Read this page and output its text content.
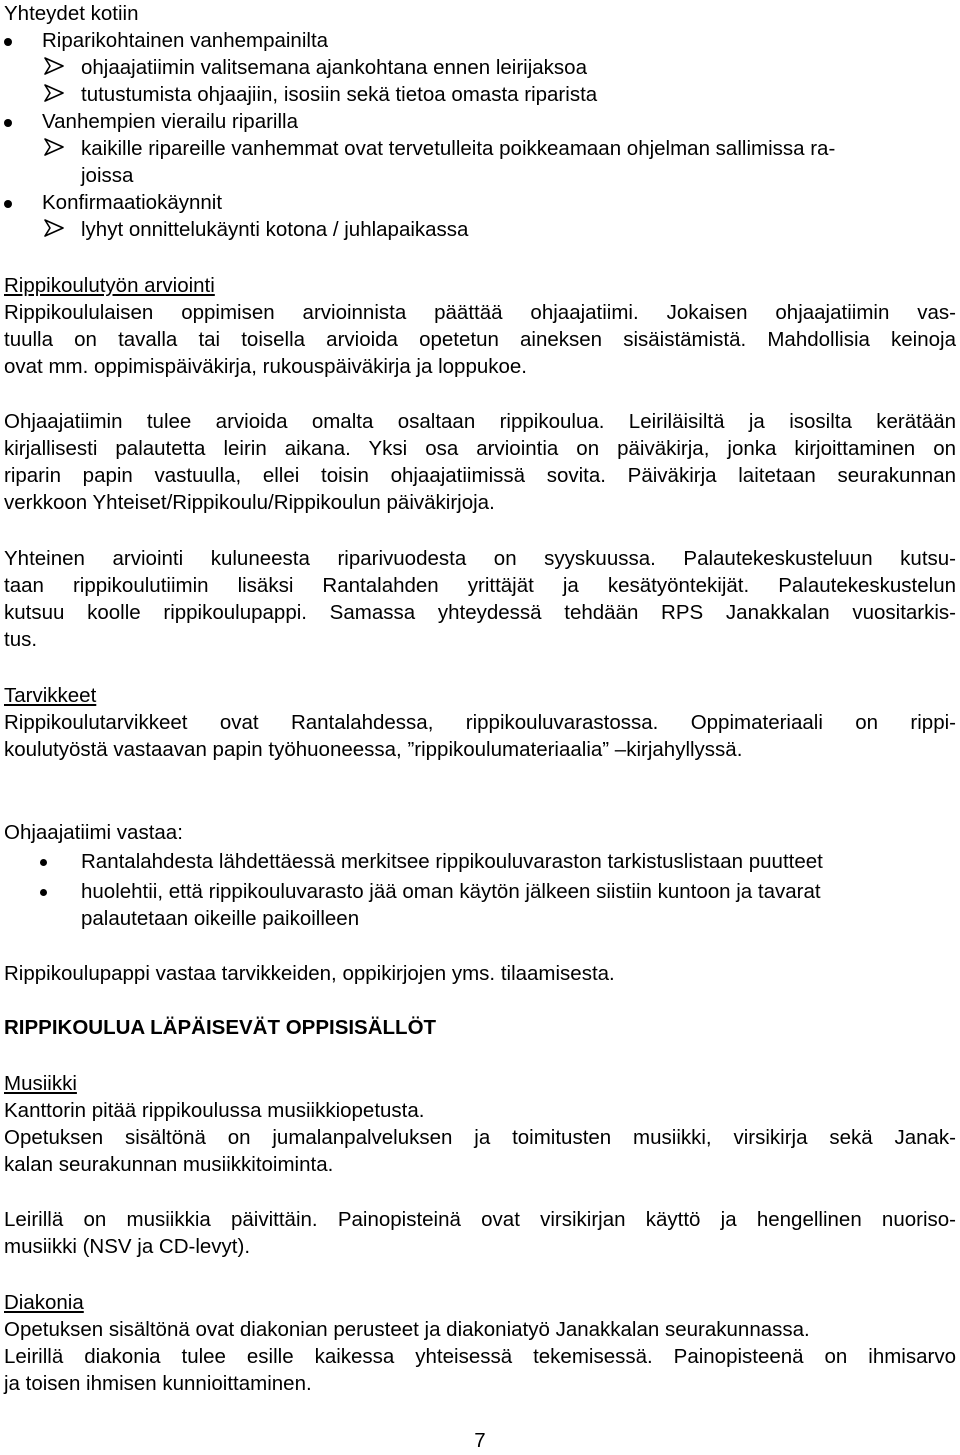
Yhteydet kotiin
Riparikohtainen vanhempainilta
ohjaajatiimin valitsemana ajankohtana ennen leirijaksoa
tutustumista ohjaajiin, isosiin sekä tietoa omasta riparista
Vanhempien vierailu riparilla
kaikille ripareille vanhemmat ovat tervetulleita poikkeamaan ohjelman sallimissa ra-
joissa
Konfirmaatiokäynnit
lyhyt onnittelukäynti kotona / juhlapaikassa
Rippikoulutyön arviointi
Rippikoululaisen oppimisen arvioinnista päättää ohjaajatiimi. Jokaisen ohjaajatiimin vas-
tuulla on tavalla tai toisella arvioida opetetun aineksen sisäistämistä. Mahdollisia keinoja
ovat mm. oppimispäiväkirja, rukouspäiväkirja ja loppukoe.
Ohjaajatiimin tulee arvioida omalta osaltaan rippikoulua. Leiriläisiltä ja isosilta kerätään
kirjallisesti palautetta leirin aikana. Yksi osa arviointia on päiväkirja, jonka kirjoittaminen on
riparin papin vastuulla, ellei toisin ohjaajatiimissä sovita. Päiväkirja laitetaan seurakunnan
verkkoon Yhteiset/Rippikoulu/Rippikoulun päiväkirjoja.
Yhteinen arviointi kuluneesta riparivuodesta on syyskuussa. Palautekeskusteluun kutsu-
taan rippikoulutiimin lisäksi Rantalahden yrittäjät ja kesätyöntekijät. Palautekeskustelun
kutsuu koolle rippikoulupappi. Samassa yhteydessä tehdään RPS Janakkalan vuositarkis-
tus.
Tarvikkeet
Rippikoulutarvikkeet ovat Rantalahdessa, rippikouluvarastossa. Oppimateriaali on rippi-
koulutyöstä vastaavan papin työhuoneessa, ”rippikoulumateriaalia” –kirjahyllyssä.
Ohjaajatiimi vastaa:
Rantalahdesta lähdettäessä merkitsee rippikouluvaraston tarkistuslistaan puutteet
huolehtii, että rippikouluvarasto jää oman käytön jälkeen siistiin kuntoon ja tavarat
palautetaan oikeille paikoilleen
Rippikoulupappi vastaa tarvikkeiden, oppikirjojen yms. tilaamisesta.
RIPPIKOULUA LÄPÄISEVÄT OPPISISÄLLÖT
Musiikki
Kanttorin pitää rippikoulussa musiikkiopetusta.
Opetuksen sisältönä on jumalanpalveluksen ja toimitusten musiikki, virsikirja sekä Janak-
kalan seurakunnan musiikkitoiminta.
Leirillä on musiikkia päivittäin. Painopisteinä ovat virsikirjan käyttö ja hengellinen nuoriso-
musiikki (NSV ja CD-levyt).
Diakonia
Opetuksen sisältönä ovat diakonian perusteet ja diakoniatyö Janakkalan seurakunnassa.
Leirillä diakonia tulee esille kaikessa yhteisessä tekemisessä. Painopisteenä on ihmisarvo
ja toisen ihmisen kunnioittaminen.
7
